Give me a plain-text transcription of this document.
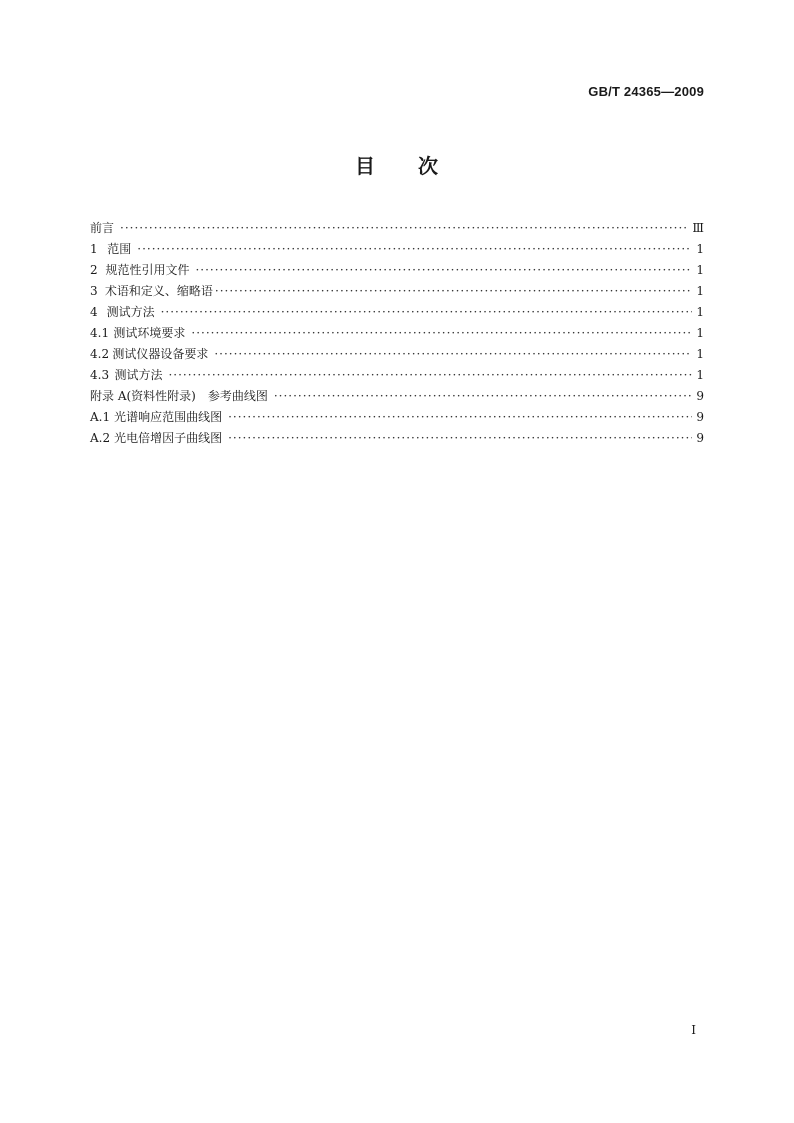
GB/T 24365—2009
目 次
前言 ·····	Ⅲ
1 范围 ·····	1
2 规范性引用文件 ·····	1
3 术语和定义、缩略语 ·····	1
4 测试方法 ·····	1
4.1 测试环境要求 ·····	1
4.2 测试仪器设备要求 ·····	1
4.3 测试方法 ·····	1
附录 A (资料性附录)　参考曲线图 ·····	9
A.1 光谱响应范围曲线图 ·····	9
A.2 光电倍增因子曲线图 ·····	9
I
